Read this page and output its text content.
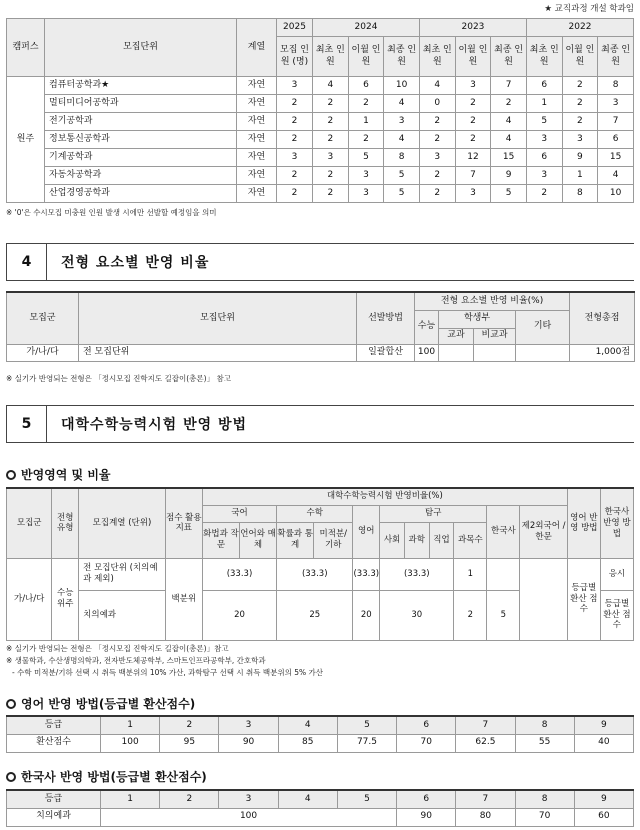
★ 교직과정 개설 학과임
캠퍼스	모집단위	계열	2025	2024			2023			2022		
			모집 인원 (명)	최초 인원	이월 인원	최종 인원	최초 인원	이월 인원	최종 인원	최초 인원	이월 인원	최종 인원
원주	컴퓨터공학과★	자연	3	4	6	10	4	3	7	6	2	8
	멀티미디어공학과	자연	2	2	2	4	0	2	2	1	2	3
	전기공학과	자연	2	2	1	3	2	2	4	5	2	7
	정보통신공학과	자연	2	2	2	4	2	2	4	3	3	6
	기계공학과	자연	3	3	5	8	3	12	15	6	9	15
	자동차공학과	자연	2	2	3	5	2	7	9	3	1	4
	산업경영공학과	자연	2	2	3	5	2	3	5	2	8	10
※ '0'은 수시모집 미충원 인원 발생 시에만 선발할 예정임을 의미
4	전형 요소별 반영 비율
모집군	모집단위	선발방법	전형 요소별 반영 비율(%)				전형총점
			수능	학생부		기타	
				교과	비교과		
가/나/다	전 모집단위	일괄합산	100				1,000점
※ 실기가 반영되는 전형은 「정시모집 진학지도 길잡이(총론)」 참고
5	대학수학능력시험 반영 방법
반영영역 및 비율
모집군	전형 유형	모집계열 (단위)	점수 활용 지표	대학수학능력시험 반영비율(%)											영어 반영 방법	한국사 반영 방법
				국어		수학		영어	탐구				한국사	제2외국어 /한문		
				화법과 작문	언어와 매체	확률과 통계	미적분/ 기하		사회	과학	직업	과목수				
가/나/다	수능 위주	전 모집단위 (치의예과 제외)	백분위	(33.3)		(33.3)		(33.3)	(33.3)			1			등급별 환산 점수	응시
		치의예과		20		25		20	30			2	5			등급별 환산 점수
※ 실기가 반영되는 전형은 「정시모집 진학지도 길잡이(총론)」참고
※ 생물학과, 수산생명의학과, 전자반도체공학부, 스마트인프라공학부, 간호학과
- 수학 미적분/기하 선택 시 취득 백분위의 10% 가산, 과학탐구 선택 시 취득 백분위의 5% 가산
영어 반영 방법(등급별 환산점수)
등급	1	2	3	4	5	6	7	8	9
환산점수	100	95	90	85	77.5	70	62.5	55	40
한국사 반영 방법(등급별 환산점수)
등급	1	2	3	4	5	6	7	8	9
치의예과	100					90	80	70	60
